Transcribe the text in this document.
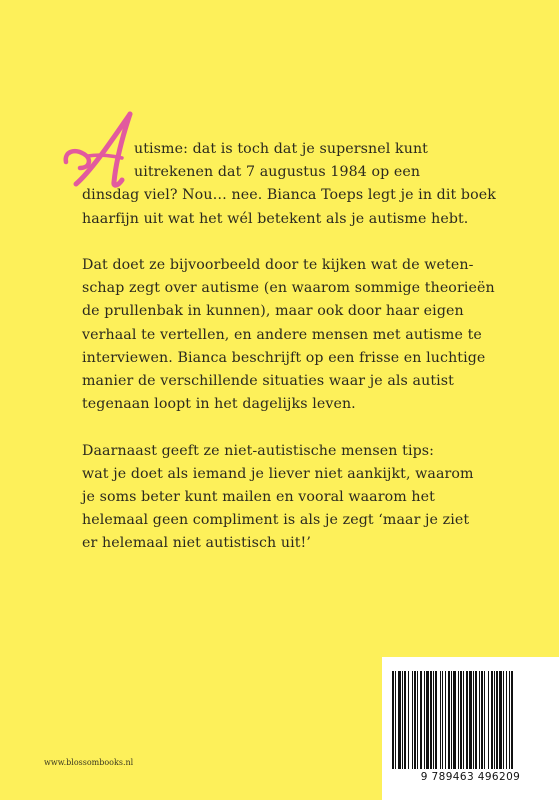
utisme: dat is toch dat je supersnel kunt
uitrekenen dat 7 augustus 1984 op een
dinsdag viel? Nou… nee. Bianca Toeps legt je in dit boek
haarfijn uit wat het wél betekent als je autisme hebt.
Dat doet ze bijvoorbeeld door te kijken wat de weten-
schap zegt over autisme (en waarom sommige theorieën
de prullenbak in kunnen), maar ook door haar eigen
verhaal te vertellen, en andere mensen met autisme te
interviewen. Bianca beschrijft op een frisse en luchtige
manier de verschillende situaties waar je als autist
tegenaan loopt in het dagelijks leven.
Daarnaast geeft ze niet-autistische mensen tips:
wat je doet als iemand je liever niet aankijkt, waarom
je soms beter kunt mailen en vooral waarom het
helemaal geen compliment is als je zegt ‘maar je ziet
er helemaal niet autistisch uit!’
www.blossombooks.nl
9 789463 496209
